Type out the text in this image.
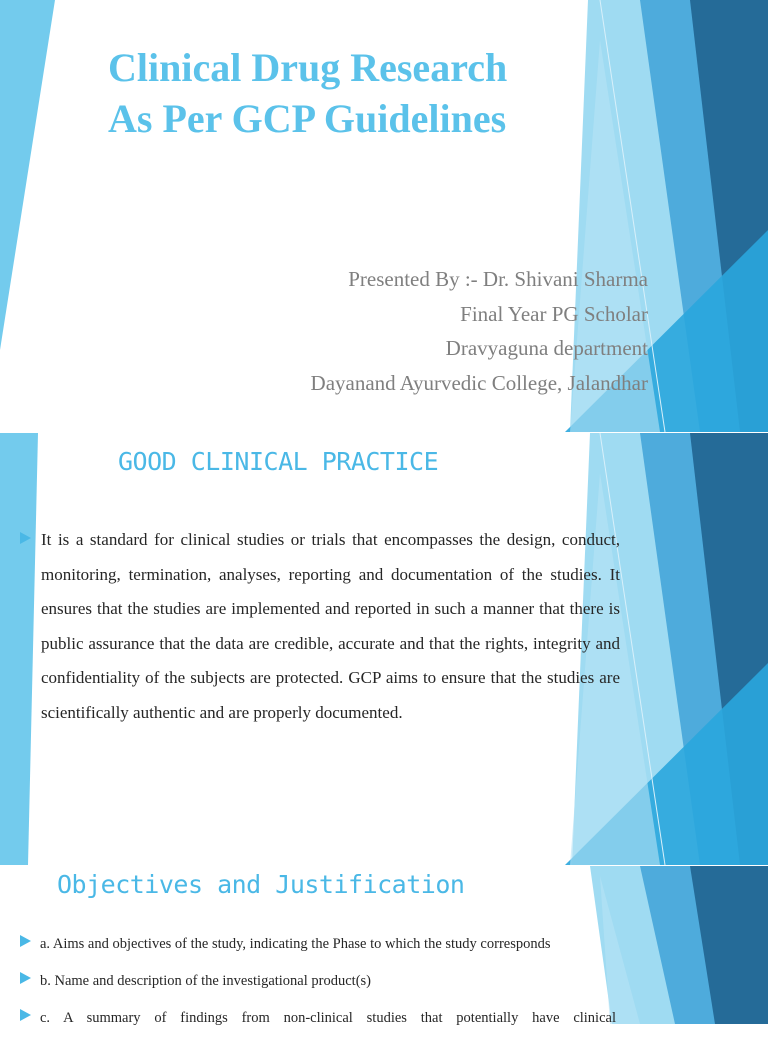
Clinical Drug Research
As Per GCP Guidelines
Presented By :- Dr. Shivani Sharma
Final Year PG Scholar
Dravyaguna department
Dayanand Ayurvedic College, Jalandhar
GOOD CLINICAL PRACTICE

It is a standard for clinical studies or trials that encompasses the design, conduct, monitoring, termination, analyses, reporting and documentation of the studies. It ensures that the studies are implemented and reported in such a manner that there is public assurance that the data are credible, accurate and that the rights, integrity and confidentiality of the subjects are protected. GCP aims to ensure that the studies are scientifically authentic and are properly documented.

Objectives and Justification
a. Aims and objectives of the study, indicating the Phase to which the study corresponds
b. Name and description of the investigational product(s)
c. A summary of findings from non-clinical studies that potentially have clinical
